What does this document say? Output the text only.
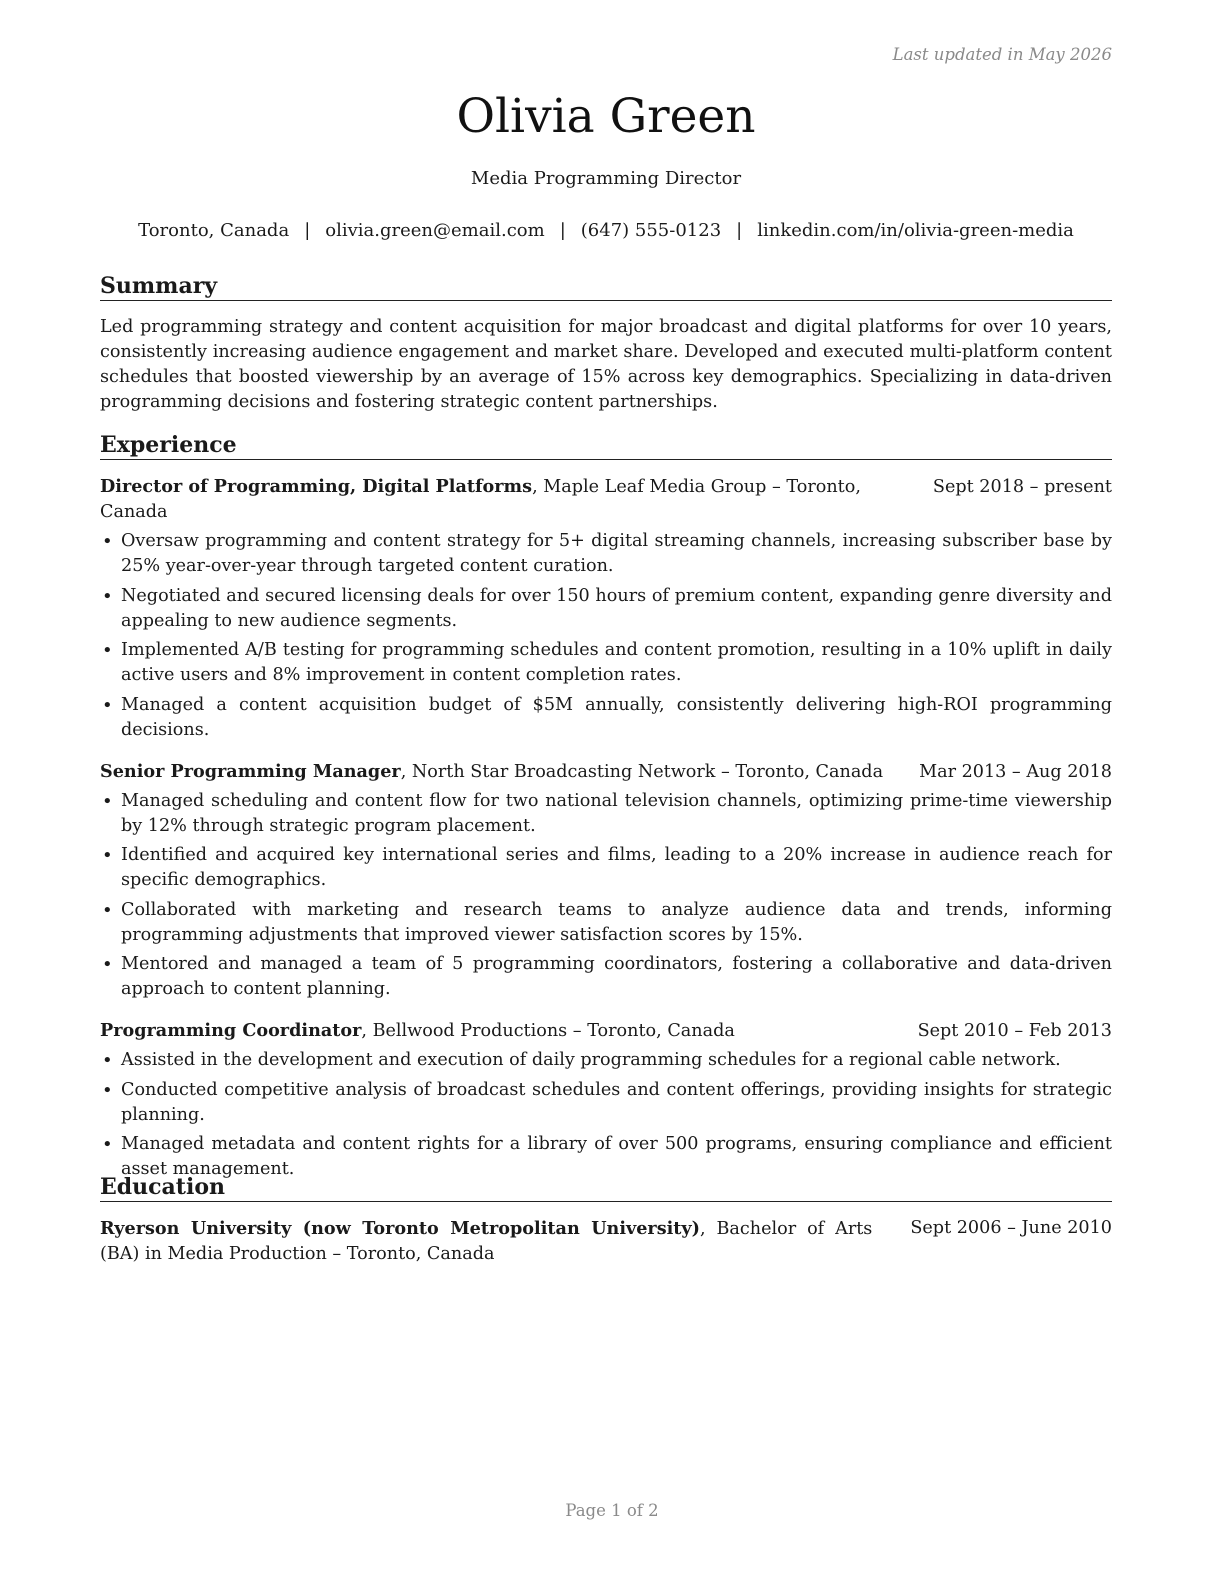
Last updated in May 2026
Olivia Green
Media Programming Director
Toronto, Canada | olivia.green@email.com | (647) 555-0123 | linkedin.com/in/olivia-green-media
Summary
Led programming strategy and content acquisition for major broadcast and digital platforms for over 10 years, consistently increasing audience engagement and market share. Developed and executed multi-platform content schedules that boosted viewership by an average of 15% across key demographics. Specializing in data-driven programming decisions and fostering strategic content partnerships.
Experience
Director of Programming, Digital Platforms, Maple Leaf Media Group – Toronto, Canada
Sept 2018 – present
• Oversaw programming and content strategy for 5+ digital streaming channels, increasing subscriber base by 25% year-over-year through targeted content curation.
• Negotiated and secured licensing deals for over 150 hours of premium content, expanding genre diversity and appealing to new audience segments.
• Implemented A/B testing for programming schedules and content promotion, resulting in a 10% uplift in daily active users and 8% improvement in content completion rates.
• Managed a content acquisition budget of $5M annually, consistently delivering high-ROI programming decisions.
Senior Programming Manager, North Star Broadcasting Network – Toronto, Canada	Mar 2013 – Aug 2018
• Managed scheduling and content flow for two national television channels, optimizing prime-time viewership by 12% through strategic program placement.
• Identified and acquired key international series and films, leading to a 20% increase in audience reach for specific demographics.
• Collaborated with marketing and research teams to analyze audience data and trends, informing programming adjustments that improved viewer satisfaction scores by 15%.
• Mentored and managed a team of 5 programming coordinators, fostering a collaborative and data-driven approach to content planning.
Programming Coordinator, Bellwood Productions – Toronto, Canada	Sept 2010 – Feb 2013
• Assisted in the development and execution of daily programming schedules for a regional cable network.
• Conducted competitive analysis of broadcast schedules and content offerings, providing insights for strategic planning.
• Managed metadata and content rights for a library of over 500 programs, ensuring compliance and efficient asset management.
Education
Ryerson University (now Toronto Metropolitan University), Bachelor of Arts (BA) in Media Production – Toronto, Canada
Sept 2006 – June 2010
Page 1 of 2
